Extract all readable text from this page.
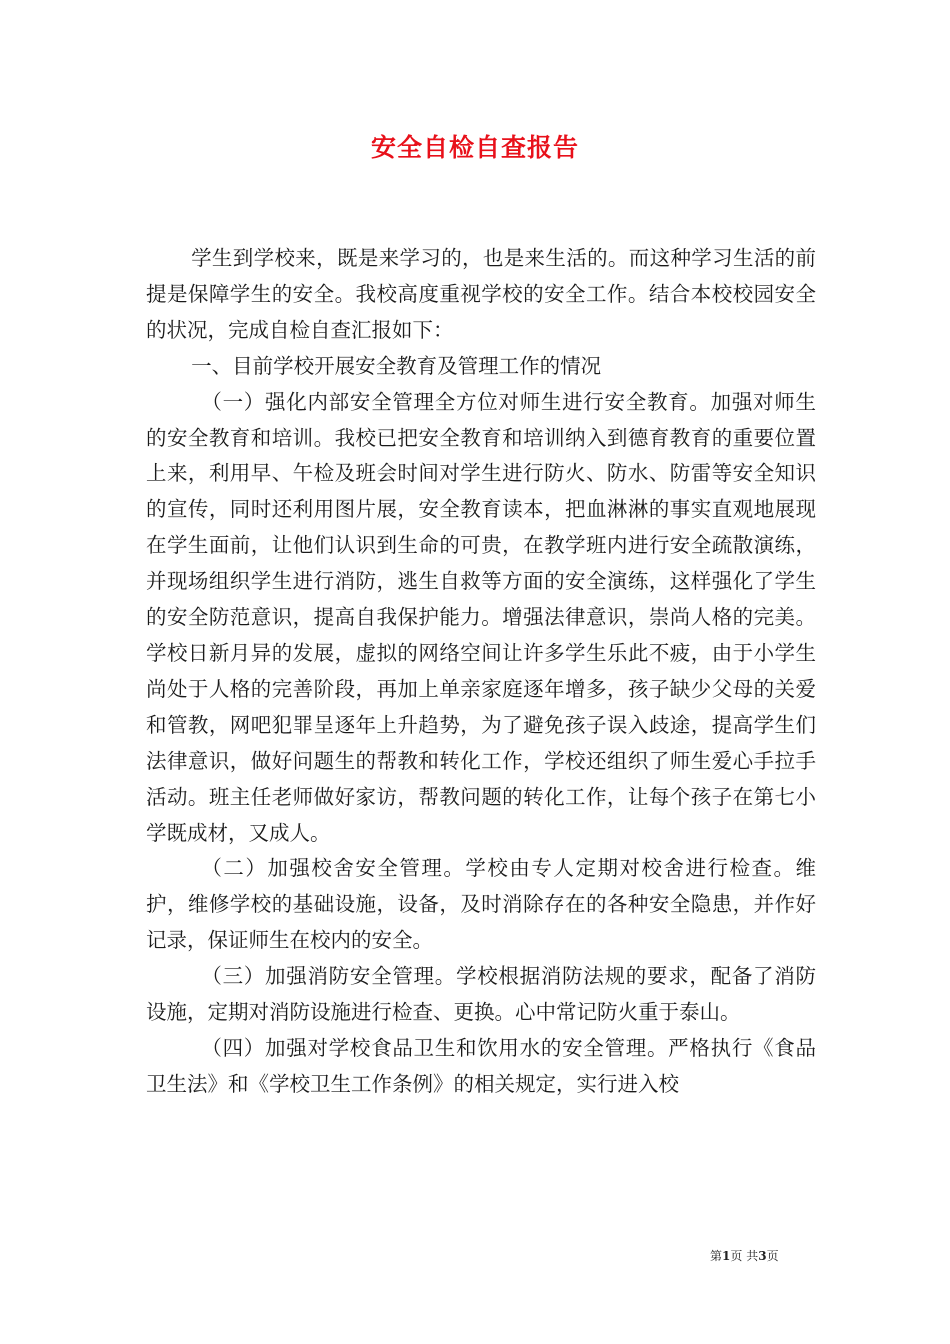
安全自检自查报告

学生到学校来，既是来学习的，也是来生活的。而这种学习生活的前提是保障学生的安全。我校高度重视学校的安全工作。结合本校校园安全的状况，完成自检自查汇报如下：

一、目前学校开展安全教育及管理工作的情况

（一）强化内部安全管理全方位对师生进行安全教育。加强对师生的安全教育和培训。我校已把安全教育和培训纳入到德育教育的重要位置上来，利用早、午检及班会时间对学生进行防火、防水、防雷等安全知识的宣传，同时还利用图片展，安全教育读本，把血淋淋的事实直观地展现在学生面前，让他们认识到生命的可贵，在教学班内进行安全疏散演练，并现场组织学生进行消防，逃生自救等方面的安全演练，这样强化了学生的安全防范意识，提高自我保护能力。增强法律意识，崇尚人格的完美。学校日新月异的发展，虚拟的网络空间让许多学生乐此不疲，由于小学生尚处于人格的完善阶段，再加上单亲家庭逐年增多，孩子缺少父母的关爱和管教，网吧犯罪呈逐年上升趋势，为了避免孩子误入歧途，提高学生们法律意识，做好问题生的帮教和转化工作，学校还组织了师生爱心手拉手活动。班主任老师做好家访，帮教问题的转化工作，让每个孩子在第七小学既成材，又成人。

（二）加强校舍安全管理。学校由专人定期对校舍进行检查。维护，维修学校的基础设施，设备，及时消除存在的各种安全隐患，并作好记录，保证师生在校内的安全。

（三）加强消防安全管理。学校根据消防法规的要求，配备了消防设施，定期对消防设施进行检查、更换。心中常记防火重于泰山。

（四）加强对学校食品卫生和饮用水的安全管理。严格执行《食品卫生法》和《学校卫生工作条例》的相关规定，实行进入校

第1页 共3页
